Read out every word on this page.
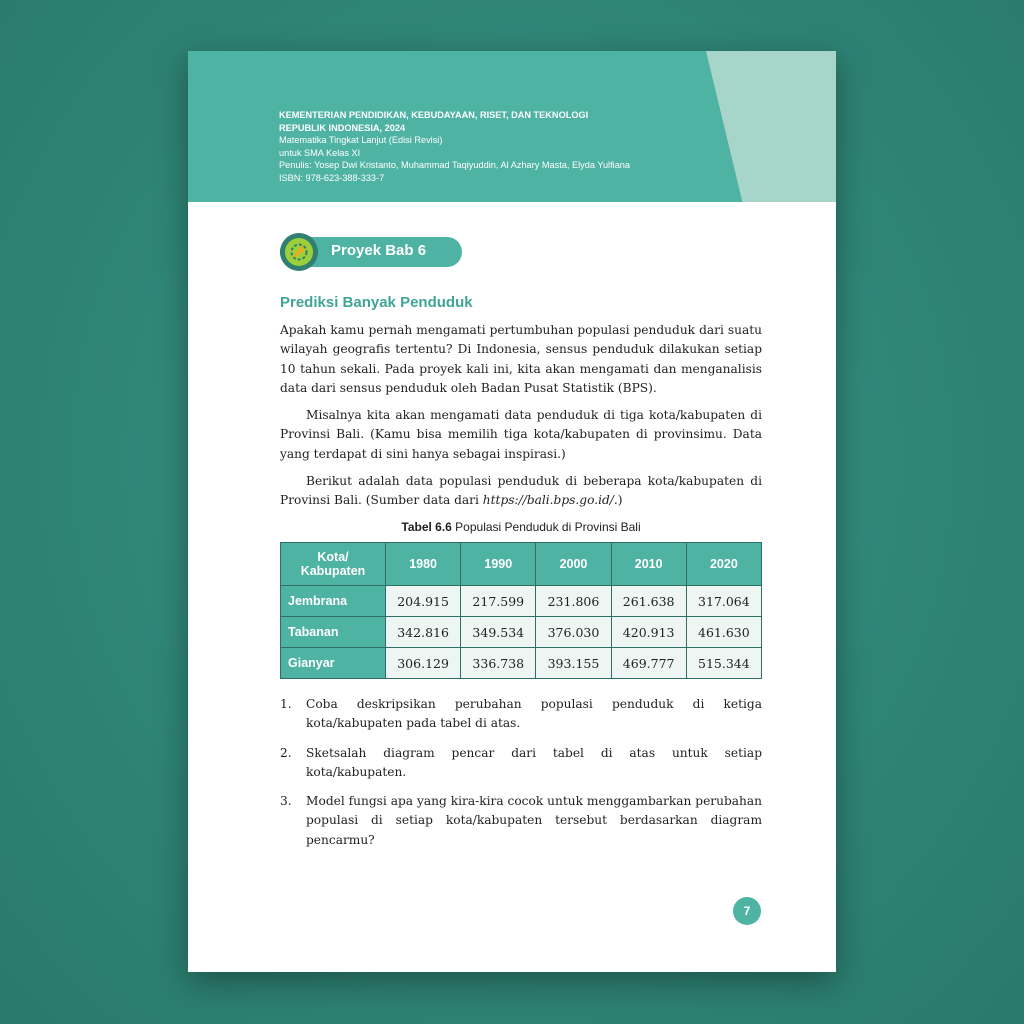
KEMENTERIAN PENDIDIKAN, KEBUDAYAAN, RISET, DAN TEKNOLOGI
REPUBLIK INDONESIA, 2024
Matematika Tingkat Lanjut (Edisi Revisi)
untuk SMA Kelas XI
Penulis: Yosep Dwi Kristanto, Muhammad Taqiyuddin, Al Azhary Masta, Elyda Yulfiana
ISBN: 978-623-388-333-7
Proyek Bab 6
Prediksi Banyak Penduduk

Apakah kamu pernah mengamati pertumbuhan populasi penduduk dari suatu wilayah geografis tertentu? Di Indonesia, sensus penduduk dilakukan setiap 10 tahun sekali. Pada proyek kali ini, kita akan mengamati dan menganalisis data dari sensus penduduk oleh Badan Pusat Statistik (BPS).

Misalnya kita akan mengamati data penduduk di tiga kota/kabupaten di Provinsi Bali. (Kamu bisa memilih tiga kota/kabupaten di provinsimu. Data yang terdapat di sini hanya sebagai inspirasi.)

Berikut adalah data populasi penduduk di beberapa kota/kabupaten di Provinsi Bali. (Sumber data dari https://bali.bps.go.id/.)

Tabel 6.6 Populasi Penduduk di Provinsi Bali
Kota/
Kabupaten	1980	1990	2000	2010	2020
Jembrana	204.915	217.599	231.806	261.638	317.064
Tabanan	342.816	349.534	376.030	420.913	461.630
Gianyar	306.129	336.738	393.155	469.777	515.344
1. Coba deskripsikan perubahan populasi penduduk di ketiga kota/kabupaten pada tabel di atas.
2. Sketsalah diagram pencar dari tabel di atas untuk setiap kota/kabupaten.
3. Model fungsi apa yang kira-kira cocok untuk menggambarkan perubahan populasi di setiap kota/kabupaten tersebut berdasarkan diagram pencarmu?
7
